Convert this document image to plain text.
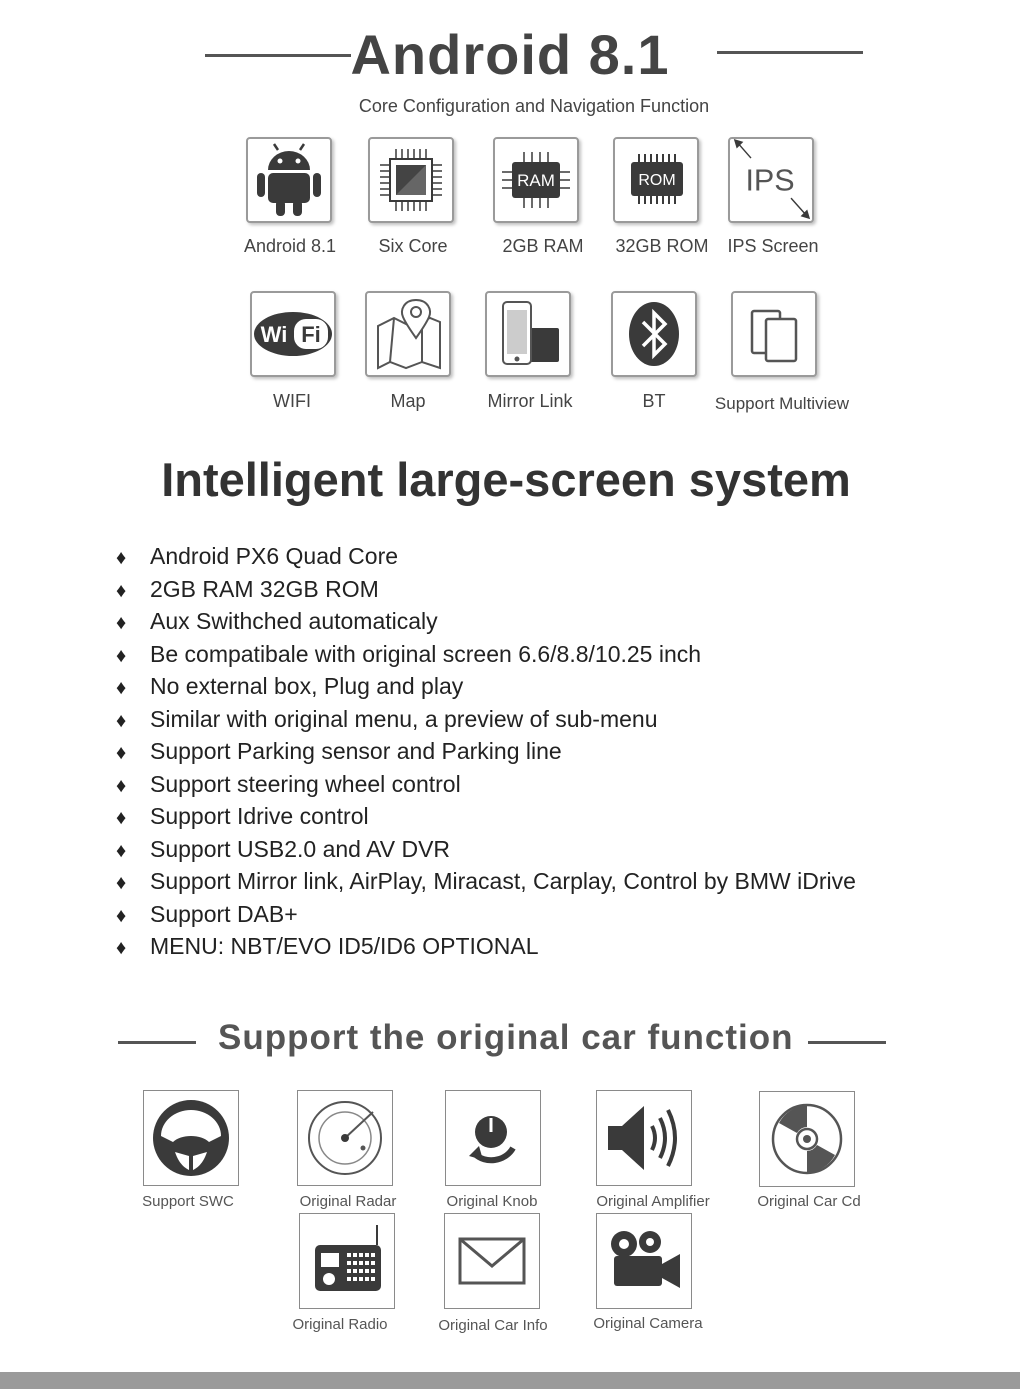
Android 8.1
Core Configuration and Navigation Function
Android 8.1 Six Core
RAM
2GB RAM
ROM
32GB ROM
IPS
IPS Screen
Wi Fi
WIFI	Map	Mirror Link	BT	Support Multiview
Intelligent large-screen system
♦ Android PX6 Quad Core
♦ 2GB RAM 32GB ROM
♦ Aux Swithched automaticaly
♦ Be compatibale with original screen 6.6/8.8/10.25 inch
♦ No external box, Plug and play
♦ Similar with original menu, a preview of sub-menu
♦ Support Parking sensor and Parking line
♦ Support steering wheel control
♦ Support Idrive control
♦ Support USB2.0 and AV DVR
♦ Support Mirror link, AirPlay, Miracast, Carplay, Control by BMW iDrive
♦ Support DAB+
♦ MENU: NBT/EVO ID5/ID6 OPTIONAL
Support the original car function
Support SWC	Original Radar	Original Knob	Original Amplifier	Original Car Cd
Original Radio	Original Car Info	Original Camera
